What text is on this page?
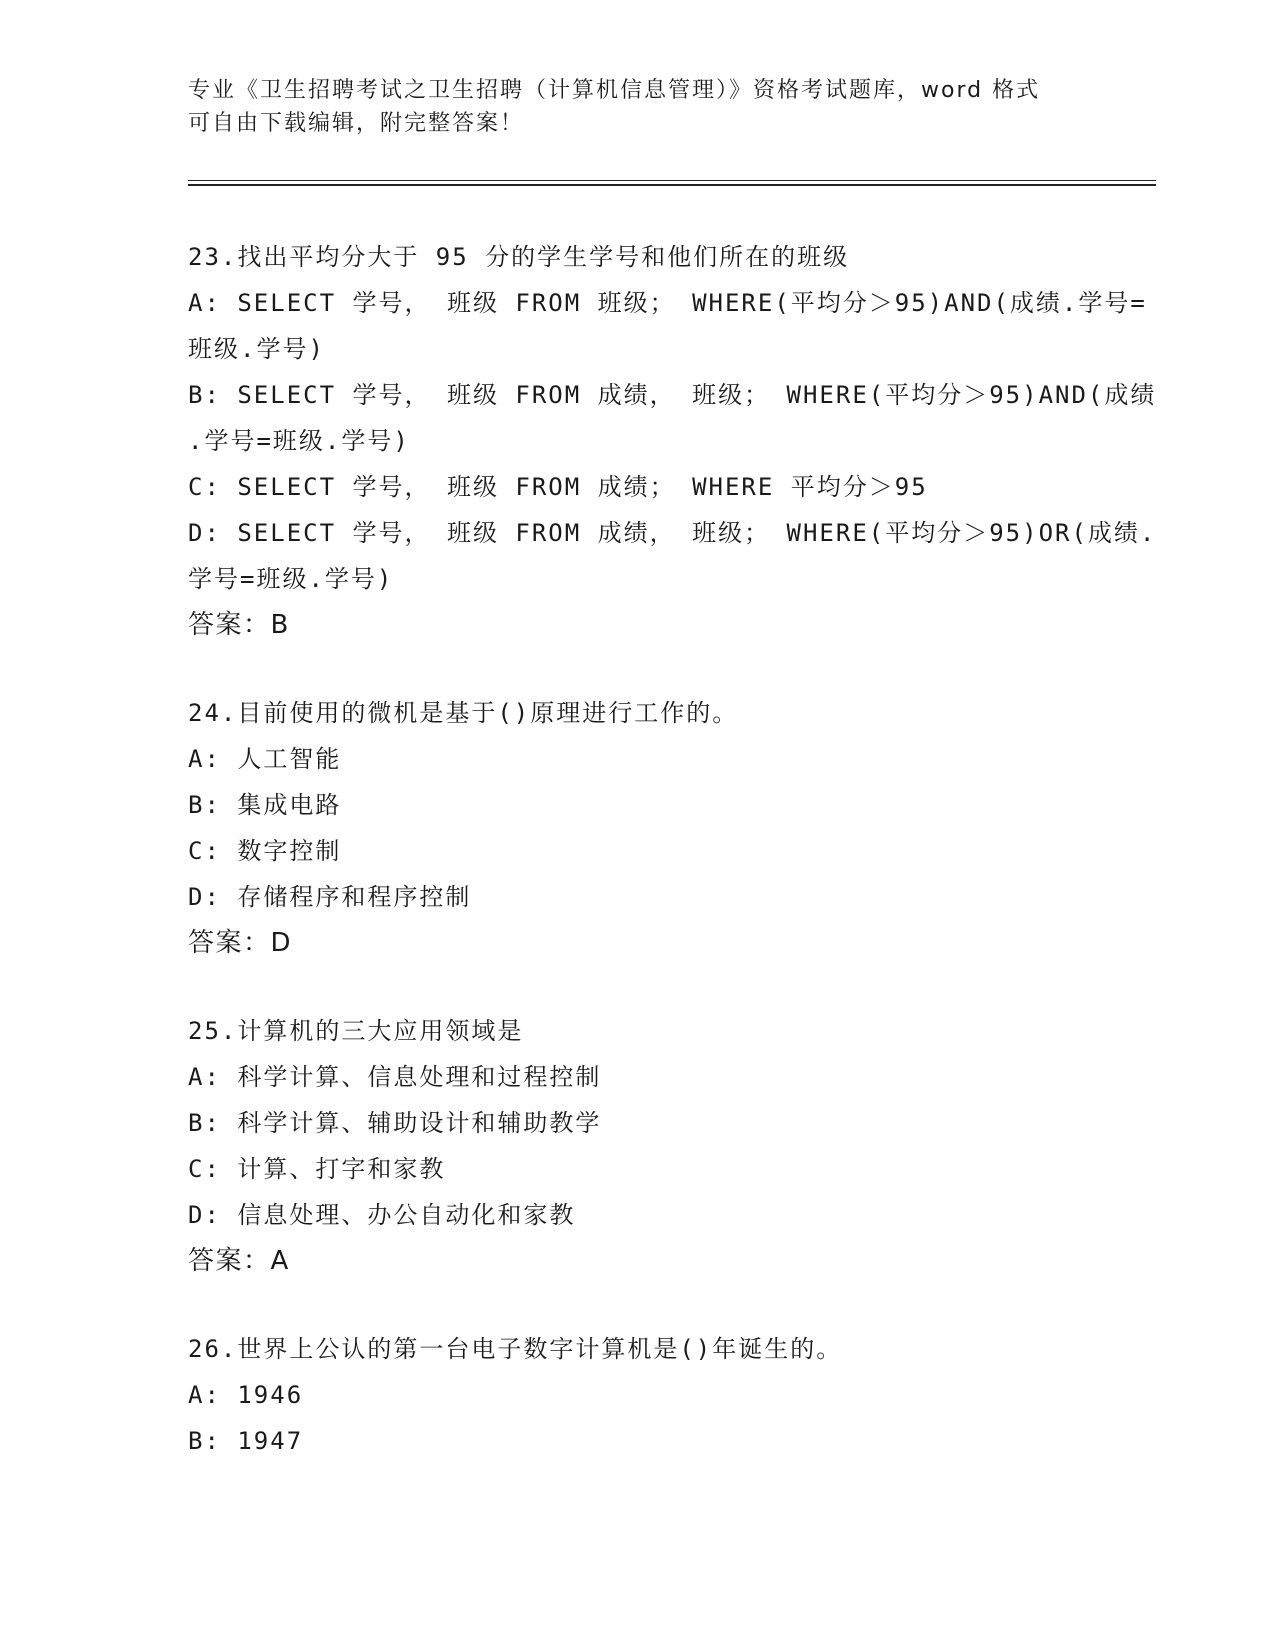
专业《卫生招聘考试之卫生招聘（计算机信息管理）》资格考试题库，word 格式
可自由下载编辑，附完整答案！
23.找出平均分大于 95 分的学生学号和他们所在的班级
A: SELECT 学号， 班级 FROM 班级； WHERE(平均分＞95)AND(成绩.学号=
班级.学号)
B: SELECT 学号， 班级 FROM 成绩， 班级； WHERE(平均分＞95)AND(成绩
.学号=班级.学号)
C: SELECT 学号， 班级 FROM 成绩； WHERE 平均分＞95
D: SELECT 学号， 班级 FROM 成绩， 班级； WHERE(平均分＞95)OR(成绩.
学号=班级.学号)
答案：B
24.目前使用的微机是基于()原理进行工作的。
A: 人工智能
B: 集成电路
C: 数字控制
D: 存储程序和程序控制
答案：D
25.计算机的三大应用领域是
A: 科学计算、信息处理和过程控制
B: 科学计算、辅助设计和辅助教学
C: 计算、打字和家教
D: 信息处理、办公自动化和家教
答案：A
26.世界上公认的第一台电子数字计算机是()年诞生的。
A: 1946
B: 1947
